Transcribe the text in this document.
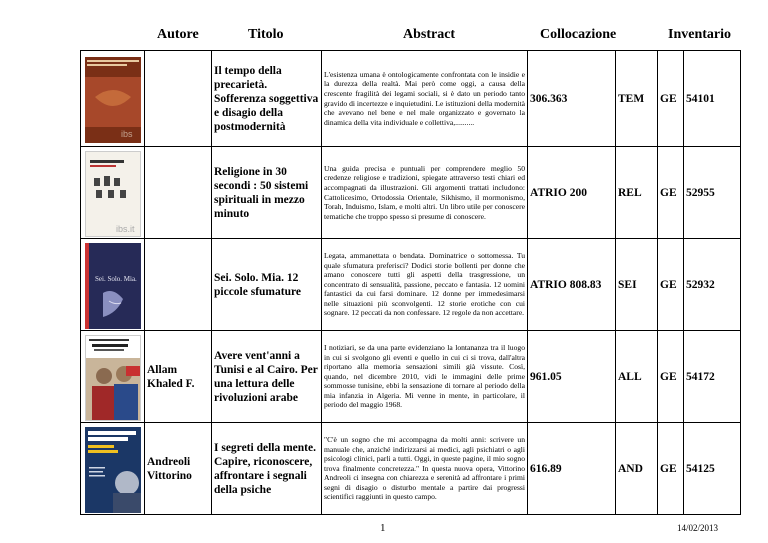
Autore	Titolo	Abstract	Collocazione	Inventario
ibs		Il tempo della precarietà. Sofferenza soggettiva e disagio della postmodernità	L'esistenza umana è ontologicamente confrontata con le insidie e la durezza della realtà. Mai però come oggi, a causa della crescente fragilità dei legami sociali, si è dato un periodo tanto gravido di incertezze e inquietudini. Le istituzioni della modernità che avevano nel bene e nel male organizzato e governato la dinamica della vita individuale e collettiva,..........	306.363	TEM	GE	54101

ibs.it		Religione in 30 secondi : 50 sistemi spirituali in mezzo minuto	Una guida precisa e puntuali per comprendere meglio 50 credenze religiose e tradizioni, spiegate attraverso testi chiari ed accompagnati da illustrazioni. Gli argomenti trattati includono: Cattolicesimo, Ortodossia Orientale, Sikhismo, il mormonismo, Torah, Induismo, Islam, e molti altri. Un libro utile per conoscere tematiche che troppo spesso si presume di conoscere.	ATRIO 200	REL	GE	52955

Sei. Solo. Mia.		Sei. Solo. Mia. 12 piccole sfumature	Legata, ammanettata o bendata. Dominatrice o sottomessa. Tu quale sfumatura preferisci? Dodici storie bollenti per donne che amano conoscere tutti gli aspetti della trasgressione, un concentrato di sensualità, passione, peccato e fantasia. 12 uomini fantastici da cui farsi dominare. 12 donne per immedesimarsi nelle situazioni più sconvolgenti. 12 storie erotiche con cui sognare. 12 peccati da non confessare. 12 regole da non accettare.	ATRIO 808.83	SEI	GE	52932

	Allam Khaled F.	Avere vent'anni a Tunisi e al Cairo. Per una lettura delle rivoluzioni arabe	I notiziari, se da una parte evidenziano la lontananza tra il luogo in cui si svolgono gli eventi e quello in cui ci si trova, dall'altra riportano alla memoria sensazioni simili già vissute. Così, quando, nel dicembre 2010, vidi le immagini delle prime sommosse tunisine, ebbi la sensazione di tornare al periodo della mia infanzia in Algeria. Mi venne in mente, in particolare, il periodo del maggio 1968.	961.05	ALL	GE	54172

	Andreoli Vittorino	I segreti della mente. Capire, riconoscere, affrontare i segnali della psiche	"C'è un sogno che mi accompagna da molti anni: scrivere un manuale che, anziché indirizzarsi ai medici, agli psichiatri o agli psicologi clinici, parli a tutti. Oggi, in queste pagine, il mio sogno trova finalmente concretezza." In questa nuova opera, Vittorino Andreoli ci insegna con chiarezza e serenità ad affrontare i primi segni di disagio o disturbo mentale a partire dai progressi scientifici raggiunti in questo campo.	616.89	AND	GE	54125
1	14/02/2013
